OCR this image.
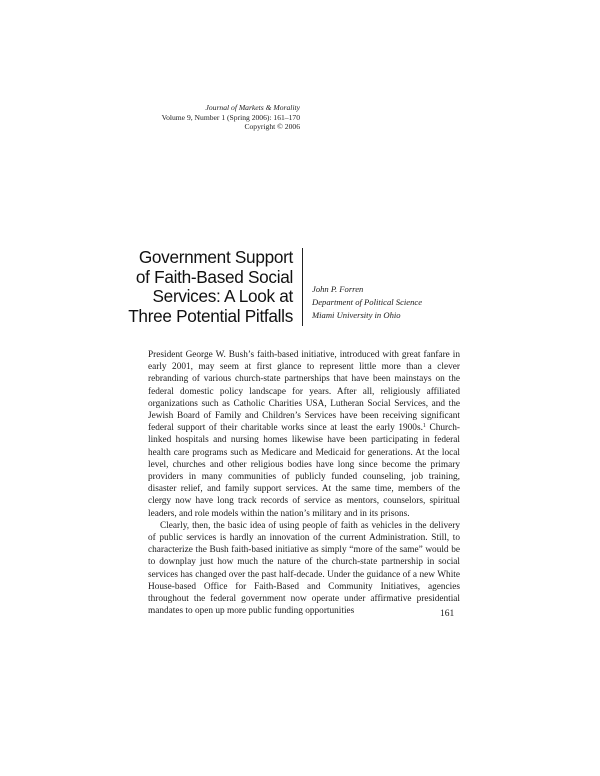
Journal of Markets & Morality
Volume 9, Number 1 (Spring 2006): 161–170
Copyright © 2006
Government Support
of Faith-Based Social
Services: A Look at
Three Potential Pitfalls
John P. Forren
Department of Political Science
Miami University in Ohio

President George W. Bush’s faith-based initiative, introduced with great fanfare in early 2001, may seem at first glance to represent little more than a clever rebranding of various church-state partnerships that have been mainstays on the federal domestic policy landscape for years. After all, religiously affiliated organizations such as Catholic Charities USA, Lutheran Social Services, and the Jewish Board of Family and Children’s Services have been receiving significant federal support of their charitable works since at least the early 1900s.$^1$ Church-linked hospitals and nursing homes likewise have been participating in federal health care programs such as Medicare and Medicaid for generations. At the local level, churches and other religious bodies have long since become the primary providers in many communities of publicly funded counseling, job training, disaster relief, and family support services. At the same time, members of the clergy now have long track records of service as mentors, counselors, spiritual leaders, and role models within the nation’s military and in its prisons.

Clearly, then, the basic idea of using people of faith as vehicles in the delivery of public services is hardly an innovation of the current Administration. Still, to characterize the Bush faith-based initiative as simply “more of the same” would be to downplay just how much the nature of the church-state partnership in social services has changed over the past half-decade. Under the guidance of a new White House-based Office for Faith-Based and Community Initiatives, agencies throughout the federal government now operate under affirmative presidential mandates to open up more public funding opportunities	161
